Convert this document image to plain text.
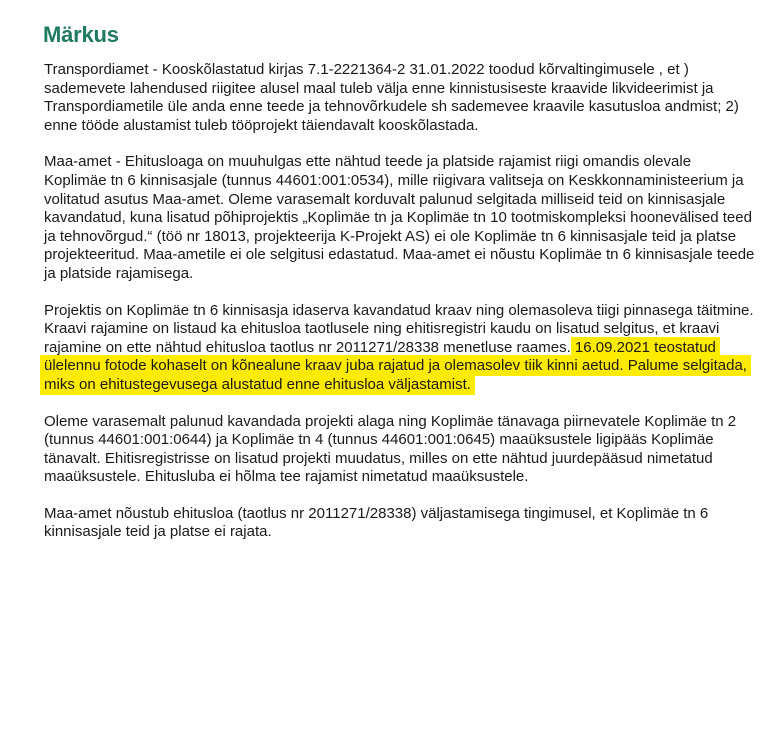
Märkus

Transpordiamet - Kooskõlastatud kirjas 7.1-2221364-2 31.01.2022 toodud kõrvaltingimusele , et ) sademevete lahendused riigitee alusel maal tuleb välja enne kinnistusiseste kraavide likvideerimist ja Transpordiametile üle anda enne teede ja tehnovõrkudele sh sademevee kraavile kasutusloa andmist; 2) enne tööde alustamist tuleb tööprojekt täiendavalt kooskõlastada.

Maa-amet - Ehitusloaga on muuhulgas ette nähtud teede ja platside rajamist riigi omandis olevale Koplimäe tn 6 kinnisasjale (tunnus 44601:001:0534), mille riigivara valitseja on Keskkonnaministeerium ja volitatud asutus Maa-amet. Oleme varasemalt korduvalt palunud selgitada milliseid teid on kinnisasjale kavandatud, kuna lisatud põhiprojektis „Koplimäe tn ja Koplimäe tn 10 tootmiskompleksi hoonevälised teed ja tehnovõrgud.“ (töö nr 18013, projekteerija K-Projekt AS) ei ole Koplimäe tn 6 kinnisasjale teid ja platse projekteeritud. Maa-ametile ei ole selgitusi edastatud. Maa-amet ei nõustu Koplimäe tn 6 kinnisasjale teede ja platside rajamisega.

Projektis on Koplimäe tn 6 kinnisasja idaserva kavandatud kraav ning olemasoleva tiigi pinnasega täitmine. Kraavi rajamine on listaud ka ehitusloa taotlusele ning ehitisregistri kaudu on lisatud selgitus, et kraavi rajamine on ette nähtud ehitusloa taotlus nr 2011271/28338 menetluse raames. 16.09.2021 teostatud ülelennu fotode kohaselt on kõnealune kraav juba rajatud ja olemasolev tiik kinni aetud. Palume selgitada, miks on ehitustegevusega alustatud enne ehitusloa väljastamist.

Oleme varasemalt palunud kavandada projekti alaga ning Koplimäe tänavaga piirnevatele Koplimäe tn 2 (tunnus 44601:001:0644) ja Koplimäe tn 4 (tunnus 44601:001:0645) maaüksustele ligipääs Koplimäe tänavalt. Ehitisregistrisse on lisatud projekti muudatus, milles on ette nähtud juurdepääsud nimetatud maaüksustele. Ehitusluba ei hõlma tee rajamist nimetatud maaüksustele.

Maa-amet nõustub ehitusloa (taotlus nr 2011271/28338) väljastamisega tingimusel, et Koplimäe tn 6 kinnisasjale teid ja platse ei rajata.
